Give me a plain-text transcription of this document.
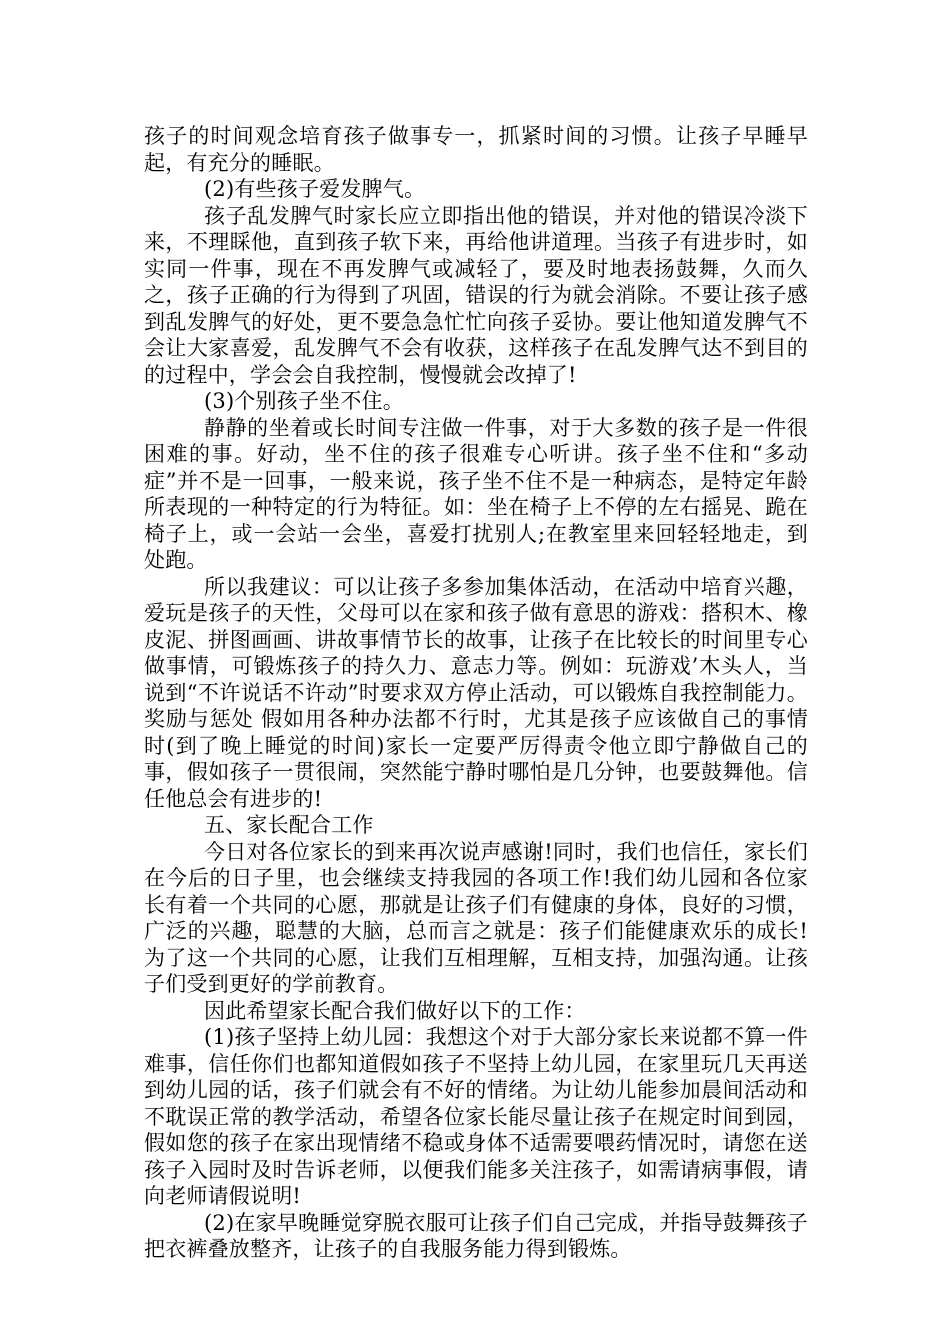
孩子的时间观念培育孩子做事专一，抓紧时间的习惯。让孩子早睡早起，有充分的睡眠。

(2)有些孩子爱发脾气。

孩子乱发脾气时家长应立即指出他的错误，并对他的错误冷淡下来，不理睬他，直到孩子软下来，再给他讲道理。当孩子有进步时，如实同一件事，现在不再发脾气或减轻了，要及时地表扬鼓舞，久而久之，孩子正确的行为得到了巩固，错误的行为就会消除。不要让孩子感到乱发脾气的好处，更不要急急忙忙向孩子妥协。要让他知道发脾气不会让大家喜爱，乱发脾气不会有收获，这样孩子在乱发脾气达不到目的的过程中，学会会自我控制，慢慢就会改掉了!

(3)个别孩子坐不住。

静静的坐着或长时间专注做一件事，对于大多数的孩子是一件很困难的事。好动，坐不住的孩子很难专心听讲。孩子坐不住和“多动症”并不是一回事，一般来说，孩子坐不住不是一种病态，是特定年龄所表现的一种特定的行为特征。如：坐在椅子上不停的左右摇晃、跪在椅子上，或一会站一会坐，喜爱打扰别人;在教室里来回轻轻地走，到处跑。

所以我建议：可以让孩子多参加集体活动，在活动中培育兴趣，爱玩是孩子的天性，父母可以在家和孩子做有意思的游戏：搭积木、橡皮泥、拼图画画、讲故事情节长的故事，让孩子在比较长的时间里专心做事情，可锻炼孩子的持久力、意志力等。例如：玩游戏’木头人，当说到“不许说话不许动”时要求双方停止活动，可以锻炼自我控制能力。奖励与惩处 假如用各种办法都不行时，尤其是孩子应该做自己的事情时(到了晚上睡觉的时间)家长一定要严厉得责令他立即宁静做自己的事，假如孩子一贯很闹，突然能宁静时哪怕是几分钟，也要鼓舞他。信任他总会有进步的!

五、家长配合工作

今日对各位家长的到来再次说声感谢!同时，我们也信任，家长们在今后的日子里，也会继续支持我园的各项工作!我们幼儿园和各位家长有着一个共同的心愿，那就是让孩子们有健康的身体，良好的习惯，广泛的兴趣，聪慧的大脑，总而言之就是：孩子们能健康欢乐的成长!为了这一个共同的心愿，让我们互相理解，互相支持，加强沟通。让孩子们受到更好的学前教育。

因此希望家长配合我们做好以下的工作：

(1)孩子坚持上幼儿园：我想这个对于大部分家长来说都不算一件难事，信任你们也都知道假如孩子不坚持上幼儿园，在家里玩几天再送到幼儿园的话，孩子们就会有不好的情绪。为让幼儿能参加晨间活动和不耽误正常的教学活动，希望各位家长能尽量让孩子在规定时间到园，假如您的孩子在家出现情绪不稳或身体不适需要喂药情况时，请您在送孩子入园时及时告诉老师，以便我们能多关注孩子，如需请病事假，请向老师请假说明!

(2)在家早晚睡觉穿脱衣服可让孩子们自己完成，并指导鼓舞孩子把衣裤叠放整齐，让孩子的自我服务能力得到锻炼。
